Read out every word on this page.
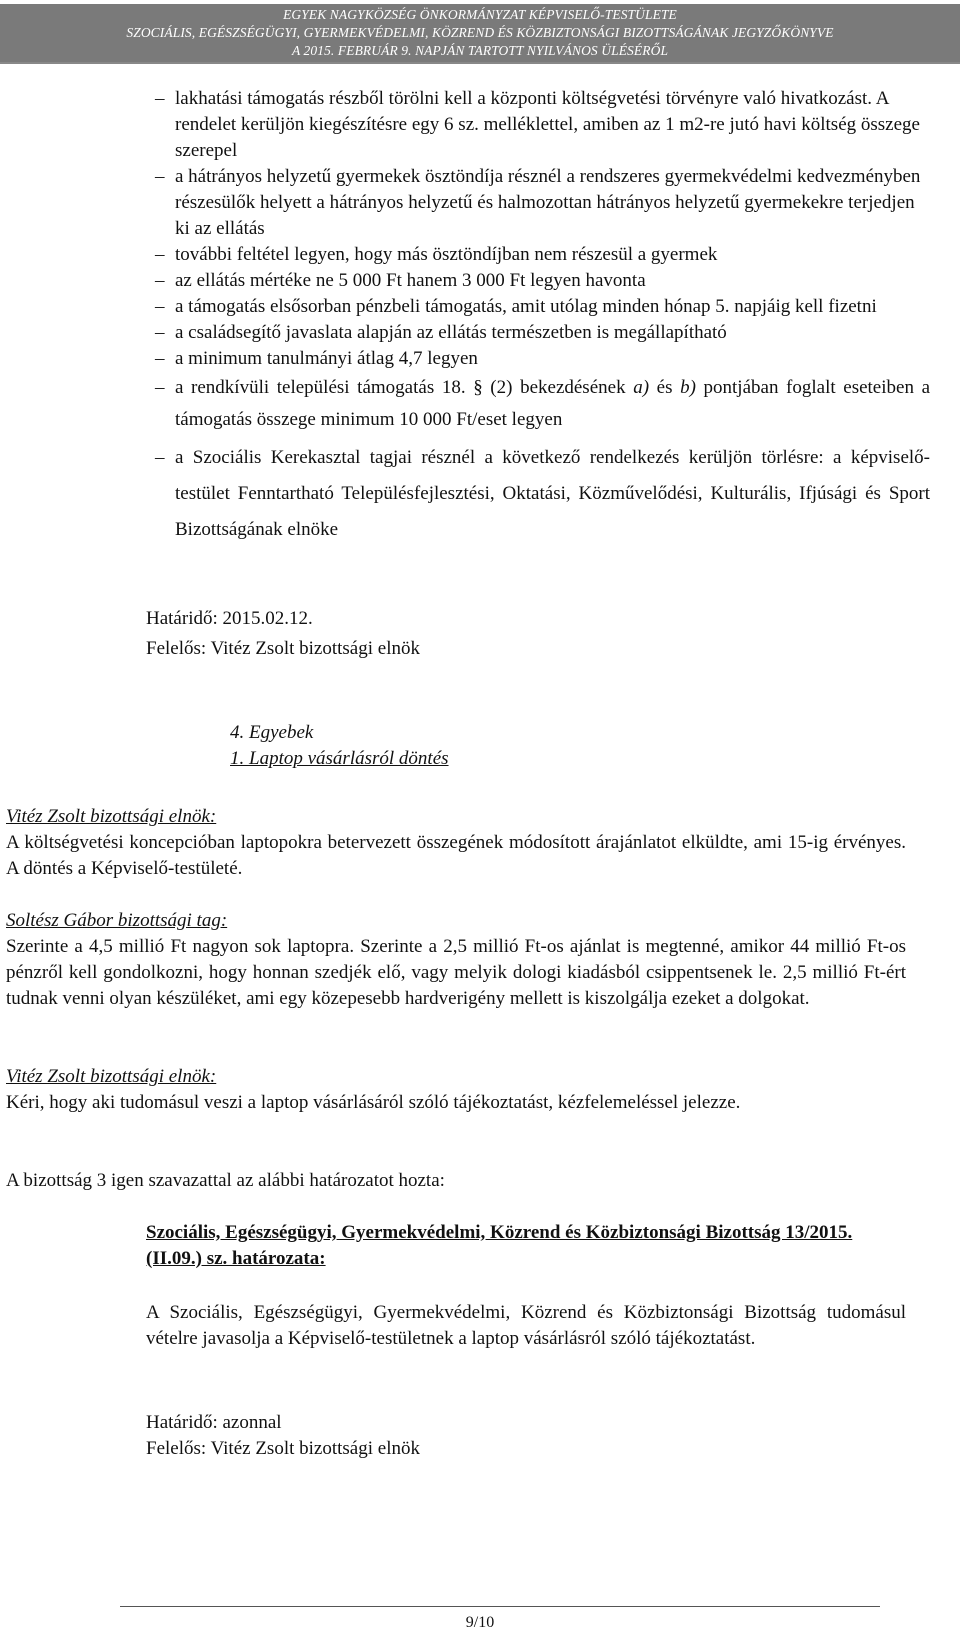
EGYEK NAGYKÖZSÉG ÖNKORMÁNYZAT KÉPVISELŐ-TESTÜLETE
SZOCIÁLIS, EGÉSZSÉGÜGYI, GYERMEKVÉDELMI, KÖZREND ÉS KÖZBIZTONSÁGI BIZOTTSÁGÁNAK JEGYZŐKÖNYVE
A 2015. FEBRUÁR 9. NAPJÁN TARTOTT NYILVÁNOS ÜLÉSÉRŐL
– lakhatási támogatás részből törölni kell a központi költségvetési törvényre való hivatkozást. A rendelet kerüljön kiegészítésre egy 6 sz. melléklettel, amiben az 1 m2-re jutó havi költség összege szerepel
– a hátrányos helyzetű gyermekek ösztöndíja résznél a rendszeres gyermekvédelmi kedvezményben részesülők helyett a hátrányos helyzetű és halmozottan hátrányos helyzetű gyermekekre terjedjen ki az ellátás
– további feltétel legyen, hogy más ösztöndíjban nem részesül a gyermek
– az ellátás mértéke ne 5 000 Ft hanem 3 000 Ft legyen havonta
– a támogatás elsősorban pénzbeli támogatás, amit utólag minden hónap 5. napjáig kell fizetni
– a családsegítő javaslata alapján az ellátás természetben is megállapítható
– a minimum tanulmányi átlag 4,7 legyen
– a rendkívüli települési támogatás 18. § (2) bekezdésének a) és b) pontjában foglalt eseteiben a támogatás összege minimum 10 000 Ft/eset legyen
– a Szociális Kerekasztal tagjai résznél a következő rendelkezés kerüljön törlésre: a képviselő-testület Fenntartható Településfejlesztési, Oktatási, Közművelődési, Kulturális, Ifjúsági és Sport Bizottságának elnöke
Határidő: 2015.02.12.
Felelős: Vitéz Zsolt bizottsági elnök
4. Egyebek
1. Laptop vásárlásról döntés
Vitéz Zsolt bizottsági elnök:
A költségvetési koncepcióban laptopokra betervezett összegének módosított árajánlatot elküldte, ami 15-ig érvényes. A döntés a Képviselő-testületé.
Soltész Gábor bizottsági tag:
Szerinte a 4,5 millió Ft nagyon sok laptopra. Szerinte a 2,5 millió Ft-os ajánlat is megtenné, amikor 44 millió Ft-os pénzről kell gondolkozni, hogy honnan szedjék elő, vagy melyik dologi kiadásból csippentsenek le. 2,5 millió Ft-ért tudnak venni olyan készüléket, ami egy közepesebb hardverigény mellett is kiszolgálja ezeket a dolgokat.
Vitéz Zsolt bizottsági elnök:
Kéri, hogy aki tudomásul veszi a laptop vásárlásáról szóló tájékoztatást, kézfelemeléssel jelezze.
A bizottság 3 igen szavazattal az alábbi határozatot hozta:
Szociális, Egészségügyi, Gyermekvédelmi, Közrend és Közbiztonsági Bizottság 13/2015.(II.09.) sz. határozata:
A Szociális, Egészségügyi, Gyermekvédelmi, Közrend és Közbiztonsági Bizottság tudomásul vételre javasolja a Képviselő-testületnek a laptop vásárlásról szóló tájékoztatást.
Határidő: azonnal
Felelős: Vitéz Zsolt bizottsági elnök
9/10
